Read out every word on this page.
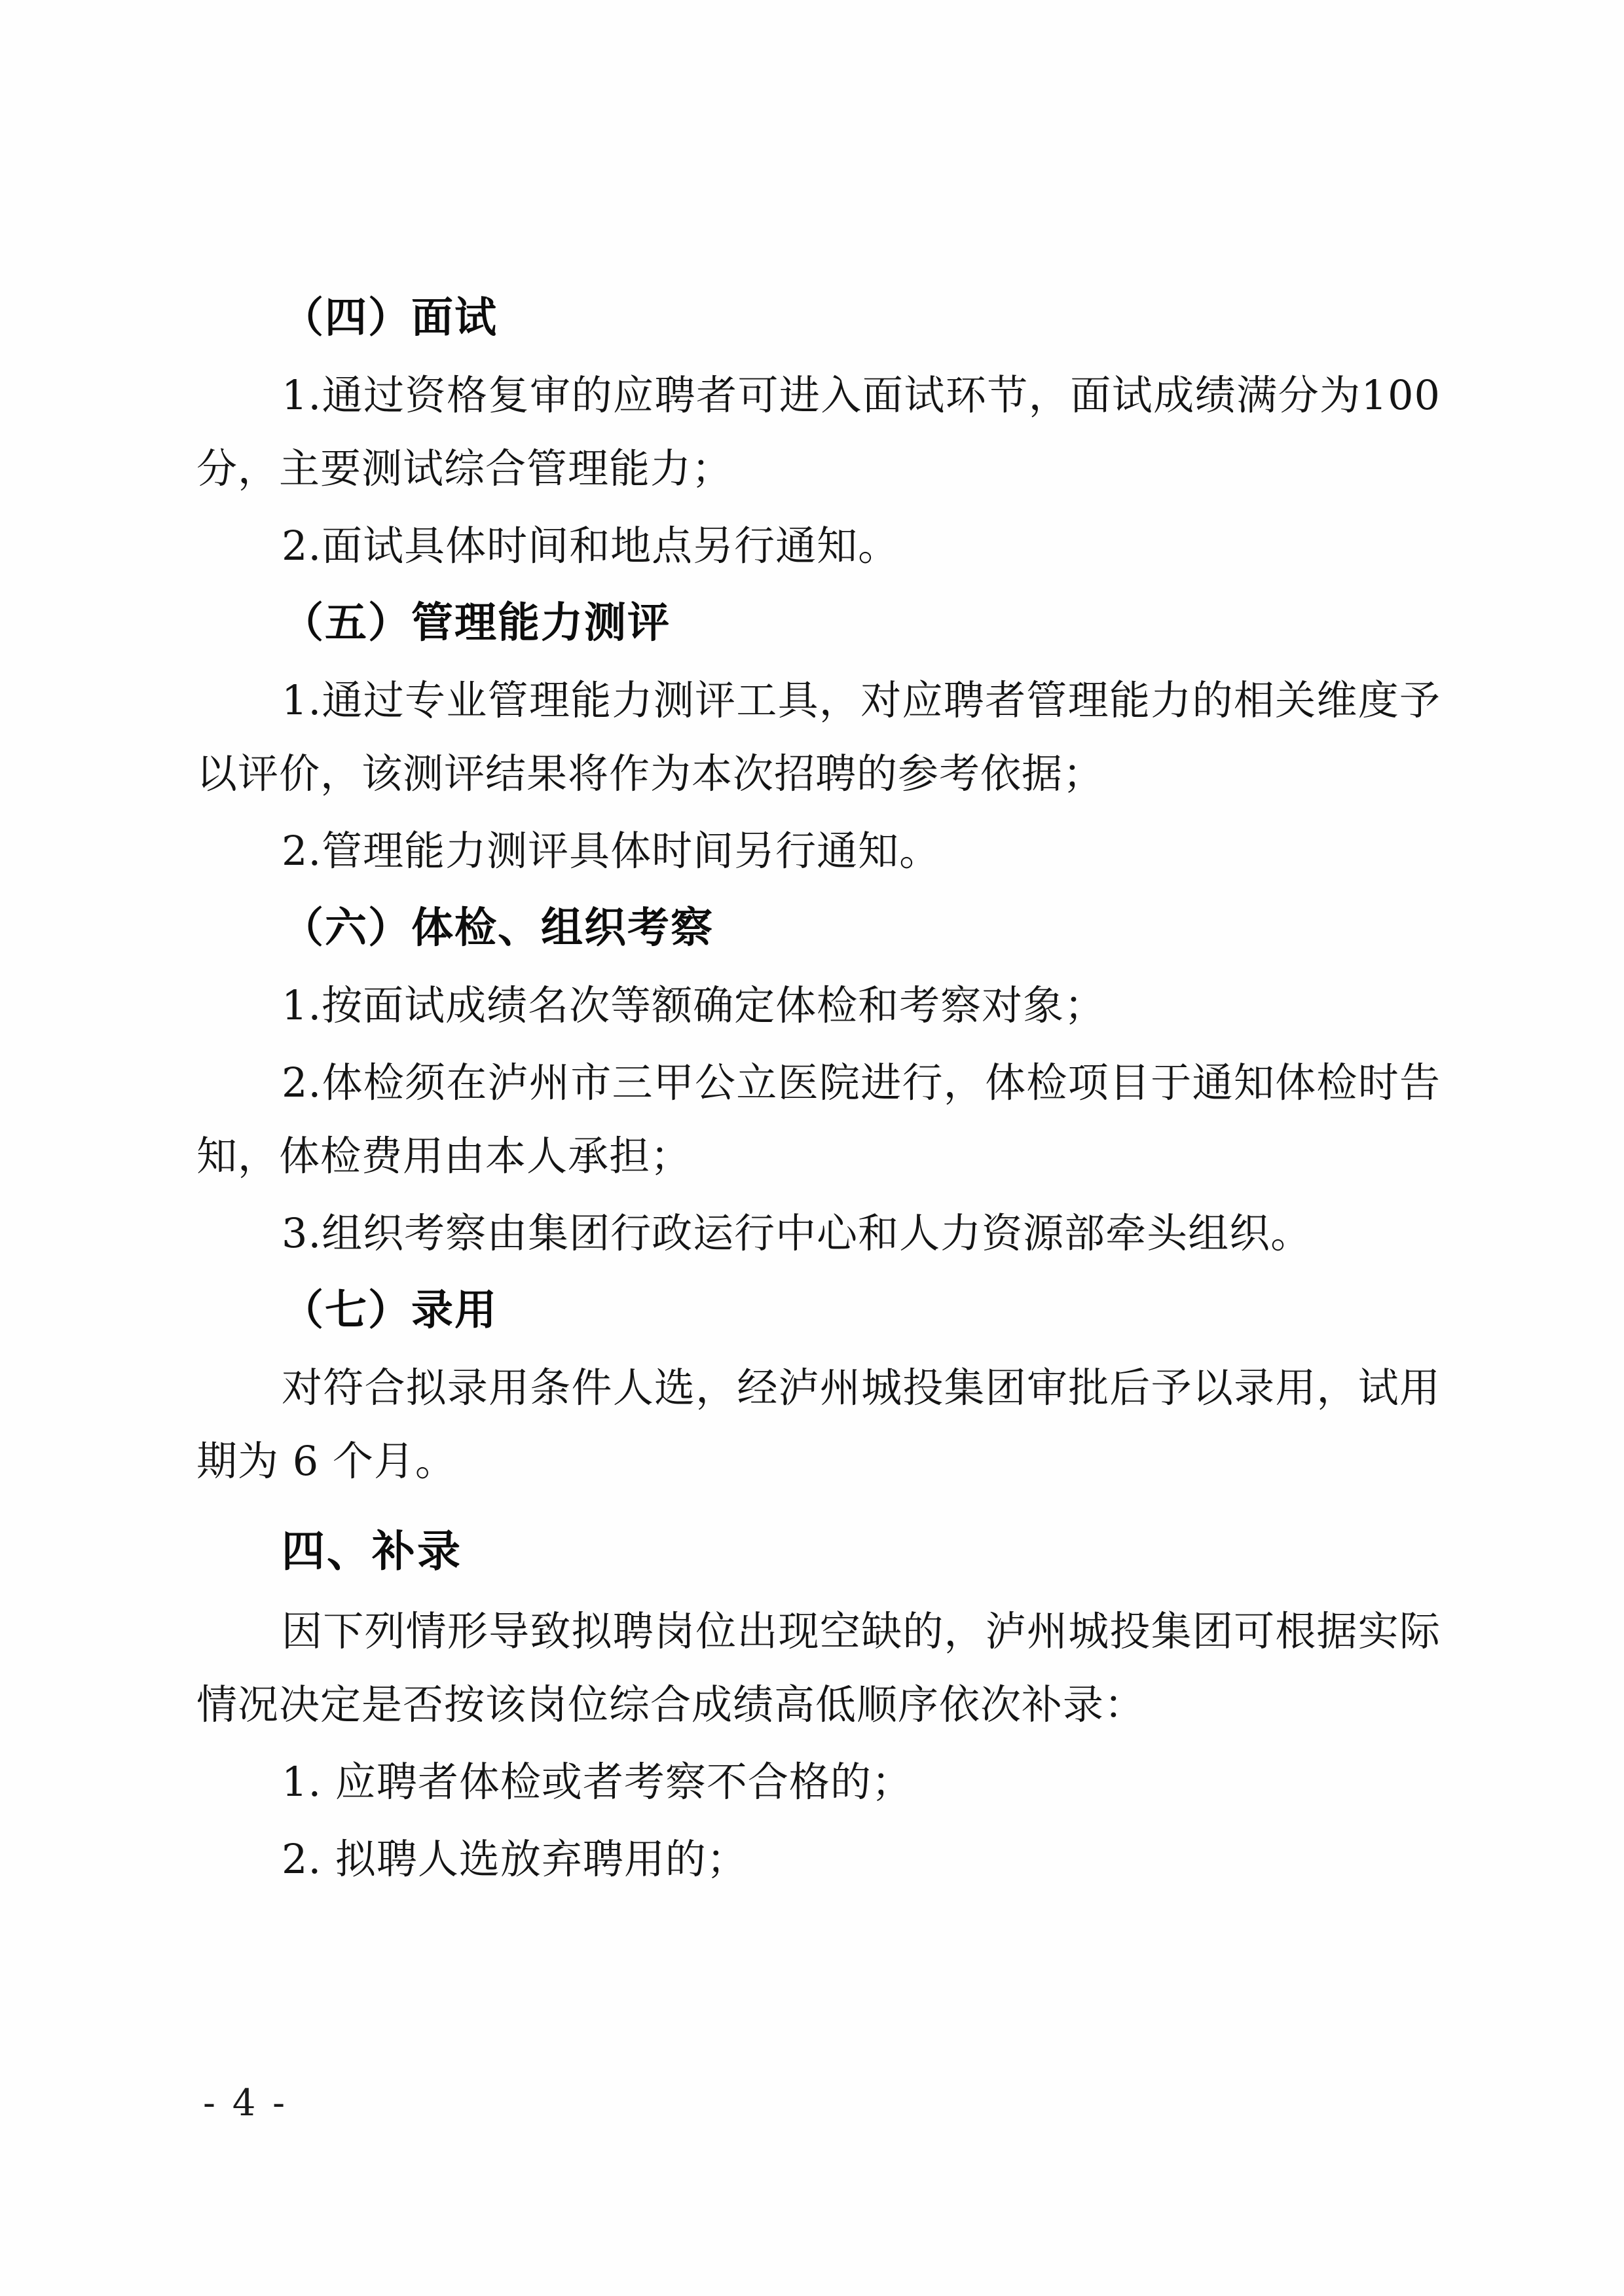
（四）面试
1.通过资格复审的应聘者可进入面试环节，面试成绩满分为100分，主要测试综合管理能力；
2.面试具体时间和地点另行通知。
（五）管理能力测评
1.通过专业管理能力测评工具，对应聘者管理能力的相关维度予以评价，该测评结果将作为本次招聘的参考依据；
2.管理能力测评具体时间另行通知。
（六）体检、组织考察
1.按面试成绩名次等额确定体检和考察对象；
2.体检须在泸州市三甲公立医院进行，体检项目于通知体检时告知，体检费用由本人承担；
3.组织考察由集团行政运行中心和人力资源部牵头组织。
（七）录用
对符合拟录用条件人选，经泸州城投集团审批后予以录用，试用期为 6 个月。
四、补录
因下列情形导致拟聘岗位出现空缺的，泸州城投集团可根据实际情况决定是否按该岗位综合成绩高低顺序依次补录：
1. 应聘者体检或者考察不合格的；
2. 拟聘人选放弃聘用的；
- 4 -
